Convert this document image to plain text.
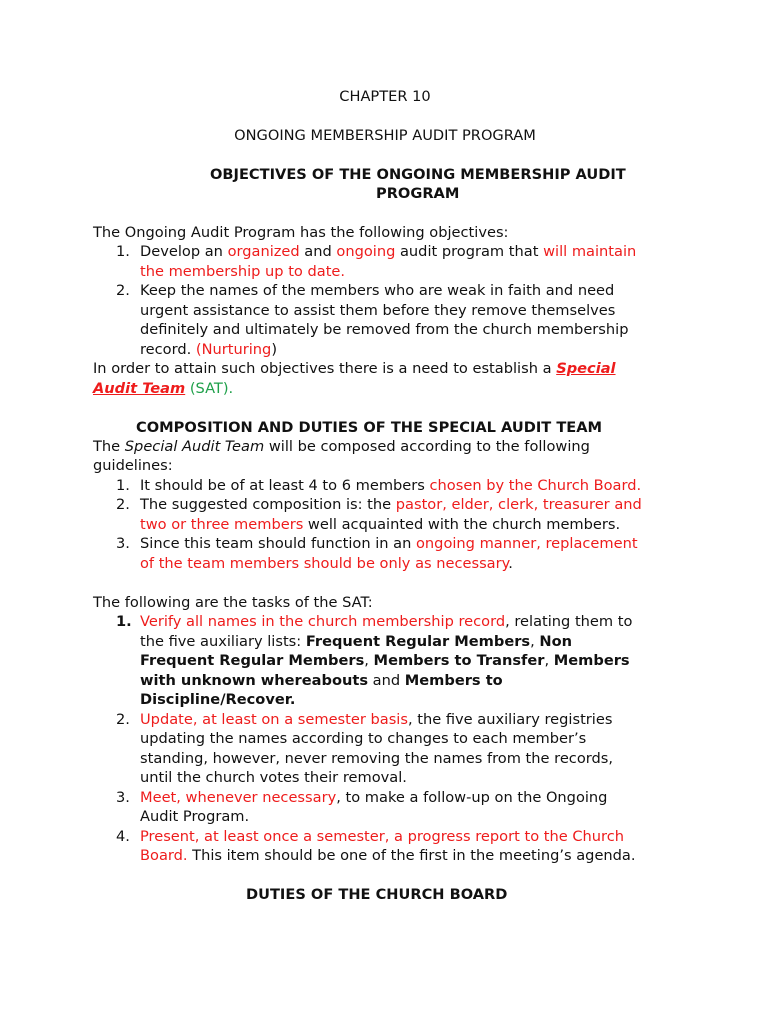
CHAPTER 10
ONGOING MEMBERSHIP AUDIT PROGRAM
OBJECTIVES OF THE ONGOING MEMBERSHIP AUDIT
PROGRAM
The Ongoing Audit Program has the following objectives:
1. Develop an organized and ongoing audit program that will maintain
the membership up to date.
2. Keep the names of the members who are weak in faith and need
urgent assistance to assist them before they remove themselves
definitely and ultimately be removed from the church membership
record. (Nurturing)
In order to attain such objectives there is a need to establish a Special
Audit Team (SAT).
COMPOSITION AND DUTIES OF THE SPECIAL AUDIT TEAM
The Special Audit Team will be composed according to the following
guidelines:
1. It should be of at least 4 to 6 members chosen by the Church Board.
2. The suggested composition is: the pastor, elder, clerk, treasurer and
two or three members well acquainted with the church members.
3. Since this team should function in an ongoing manner, replacement
of the team members should be only as necessary.
The following are the tasks of the SAT:
1. Verify all names in the church membership record, relating them to
the five auxiliary lists: Frequent Regular Members, Non
Frequent Regular Members, Members to Transfer, Members
with unknown whereabouts and Members to
Discipline/Recover.
2. Update, at least on a semester basis, the five auxiliary registries
updating the names according to changes to each member’s
standing, however, never removing the names from the records,
until the church votes their removal.
3. Meet, whenever necessary, to make a follow-up on the Ongoing
Audit Program.
4. Present, at least once a semester, a progress report to the Church
Board. This item should be one of the first in the meeting’s agenda.
DUTIES OF THE CHURCH BOARD
